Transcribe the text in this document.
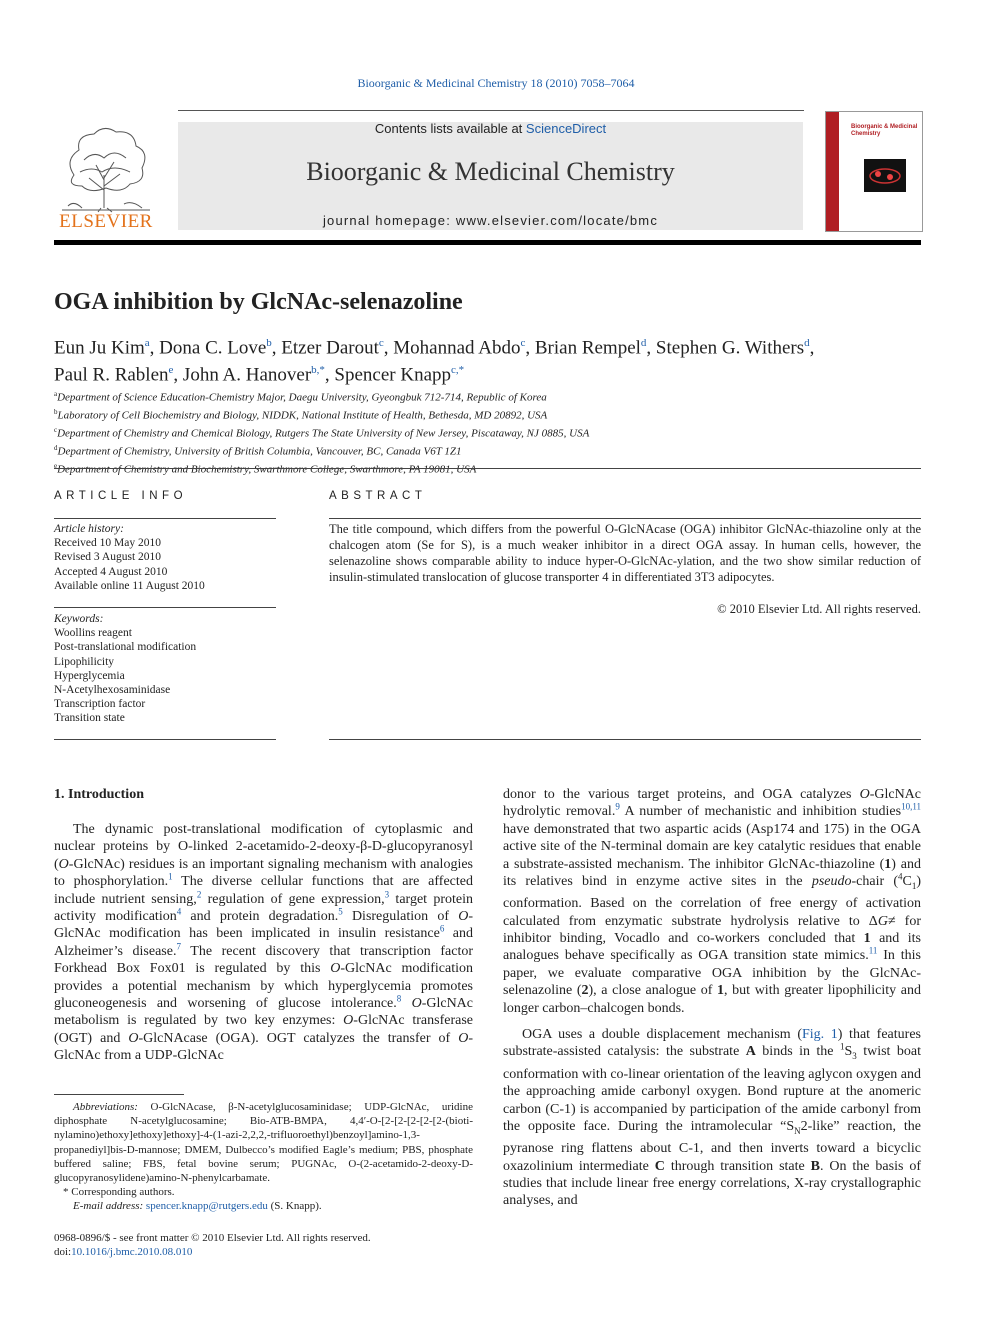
Bioorganic & Medicinal Chemistry 18 (2010) 7058–7064
ELSEVIER
Contents lists available at ScienceDirect
Bioorganic & Medicinal Chemistry
journal homepage: www.elsevier.com/locate/bmc
Bioorganic & Medicinal Chemistry
OGA inhibition by GlcNAc-selenazoline
Eun Ju Kim$^a$, Dona C. Love$^b$, Etzer Darout$^c$, Mohannad Abdo$^c$, Brian Rempel$^d$, Stephen G. Withers$^d$,
Paul R. Rablen$^e$, John A. Hanover$^{b,*}$, Spencer Knapp$^{c,*}$
$^a$Department of Science Education-Chemistry Major, Daegu University, Gyeongbuk 712-714, Republic of Korea
$^b$Laboratory of Cell Biochemistry and Biology, NIDDK, National Institute of Health, Bethesda, MD 20892, USA
$^c$Department of Chemistry and Chemical Biology, Rutgers The State University of New Jersey, Piscataway, NJ 0885, USA
$^d$Department of Chemistry, University of British Columbia, Vancouver, BC, Canada V6T 1Z1
$^e$Department of Chemistry and Biochemistry, Swarthmore College, Swarthmore, PA 19081, USA
ARTICLE INFO	ABSTRACT
Article history:
Received 10 May 2010
Revised 3 August 2010
Accepted 4 August 2010
Available online 11 August 2010
Keywords:
Woollins reagent
Post-translational modification
Lipophilicity
Hyperglycemia
N-Acetylhexosaminidase
Transcription factor
Transition state
The title compound, which differs from the powerful O-GlcNAcase (OGA) inhibitor GlcNAc-thiazoline only at the chalcogen atom (Se for S), is a much weaker inhibitor in a direct OGA assay. In human cells, however, the selenazoline shows comparable ability to induce hyper-O-GlcNAc-ylation, and the two show similar reduction of insulin-stimulated translocation of glucose transporter 4 in differentiated 3T3 adipocytes.
© 2010 Elsevier Ltd. All rights reserved.
1. Introduction

The dynamic post-translational modification of cytoplasmic and nuclear proteins by O-linked 2-acetamido-2-deoxy-β-D-glucopyranosyl (O-GlcNAc) residues is an important signaling mechanism with analogies to phosphorylation.$^1$ The diverse cellular functions that are affected include nutrient sensing,$^2$ regulation of gene expression,$^3$ target protein activity modification$^4$ and protein degradation.$^5$ Disregulation of O-GlcNAc modification has been implicated in insulin resistance$^6$ and Alzheimer’s disease.$^7$ The recent discovery that transcription factor Forkhead Box Fox01 is regulated by this O-GlcNAc modification provides a potential mechanism by which hyperglycemia promotes gluconeogenesis and worsening of glucose intolerance.$^8$ O-GlcNAc metabolism is regulated by two key enzymes: O-GlcNAc transferase (OGT) and O-GlcNAcase (OGA). OGT catalyzes the transfer of O-GlcNAc from a UDP-GlcNAc

Abbreviations: O-GlcNAcase, β-N-acetylglucosaminidase; UDP-GlcNAc, uridine diphosphate N-acetylglucosamine; Bio-ATB-BMPA, 4,4′-O-[2-[2-[2-[2-[2-(bioti-nylamino)ethoxy]ethoxy]ethoxy]-4-(1-azi-2,2,2,-trifluoroethyl)benzoyl]amino-1,3-propanediyl]bis-D-mannose; DMEM, Dulbecco’s modified Eagle’s medium; PBS, phosphate buffered saline; FBS, fetal bovine serum; PUGNAc, O-(2-acetamido-2-deoxy-D-glucopyranosylidene)amino-N-phenylcarbamate.

* Corresponding authors.

E-mail address: spencer.knapp@rutgers.edu (S. Knapp).

0968-0896/$ - see front matter © 2010 Elsevier Ltd. All rights reserved.
doi:10.1016/j.bmc.2010.08.010

donor to the various target proteins, and OGA catalyzes O-GlcNAc hydrolytic removal.$^9$ A number of mechanistic and inhibition studies$^{10,11}$ have demonstrated that two aspartic acids (Asp174 and 175) in the OGA active site of the N-terminal domain are key catalytic residues that enable a substrate-assisted mechanism. The inhibitor GlcNAc-thiazoline (1) and its relatives bind in enzyme active sites in the pseudo-chair $(^4C_1)$ conformation. Based on the correlation of free energy of activation calculated from enzymatic substrate hydrolysis relative to ΔG≠ for inhibitor binding, Vocadlo and co-workers concluded that 1 and its analogues behave specifically as OGA transition state mimics.$^{11}$ In this paper, we evaluate comparative OGA inhibition by the GlcNAc-selenazoline (2), a close analogue of 1, but with greater lipophilicity and longer carbon–chalcogen bonds.

OGA uses a double displacement mechanism (Fig. 1) that features substrate-assisted catalysis: the substrate A binds in the $^1S_3$ twist boat conformation with co-linear orientation of the leaving aglycon oxygen and the approaching amide carbonyl oxygen. Bond rupture at the anomeric carbon (C-1) is accompanied by participation of the amide carbonyl from the opposite face. During the intramolecular “$S_N2$-like” reaction, the pyranose ring flattens about C-1, and then inverts toward a bicyclic oxazolinium intermediate C through transition state B. On the basis of studies that include linear free energy correlations, X-ray crystallographic analyses, and
